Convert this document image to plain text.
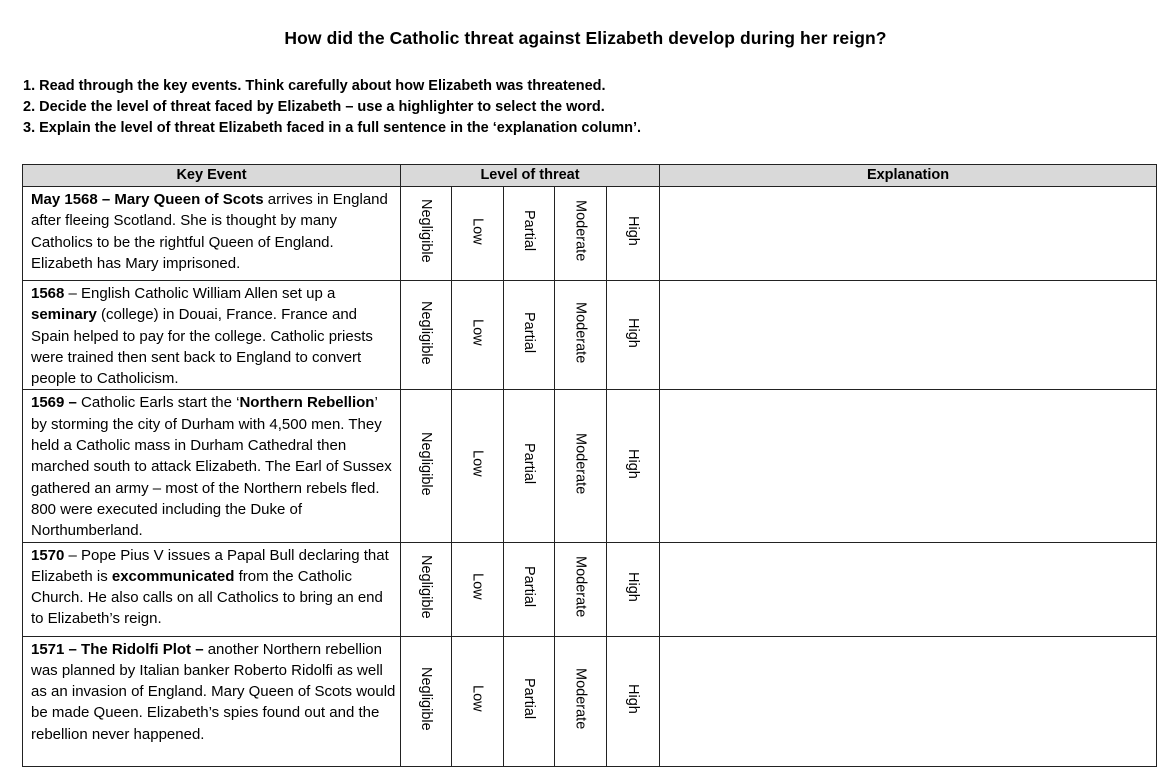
How did the Catholic threat against Elizabeth develop during her reign?
1. Read through the key events. Think carefully about how Elizabeth was threatened.
2. Decide the level of threat faced by Elizabeth – use a highlighter to select the word.
3. Explain the level of threat Elizabeth faced in a full sentence in the ‘explanation column’.
Key Event	Level of threat					Explanation
May 1568 – Mary Queen of Scots arrives in England after fleeing Scotland. She is thought by many Catholics to be the rightful Queen of England. Elizabeth has Mary imprisoned.	Negligible	Low	Partial	Moderate	High	
1568 – English Catholic William Allen set up a seminary (college) in Douai, France. France and Spain helped to pay for the college. Catholic priests were trained then sent back to England to convert people to Catholicism.	Negligible	Low	Partial	Moderate	High	
1569 – Catholic Earls start the ‘Northern Rebellion’ by storming the city of Durham with 4,500 men. They held a Catholic mass in Durham Cathedral then marched south to attack Elizabeth. The Earl of Sussex gathered an army – most of the Northern rebels fled. 800 were executed including the Duke of Northumberland.	Negligible	Low	Partial	Moderate	High	
1570 – Pope Pius V issues a Papal Bull declaring that Elizabeth is excommunicated from the Catholic Church. He also calls on all Catholics to bring an end to Elizabeth’s reign.	Negligible	Low	Partial	Moderate	High	
1571 – The Ridolfi Plot – another Northern rebellion was planned by Italian banker Roberto Ridolfi as well as an invasion of England. Mary Queen of Scots would be made Queen. Elizabeth’s spies found out and the rebellion never happened.	Negligible	Low	Partial	Moderate	High	
